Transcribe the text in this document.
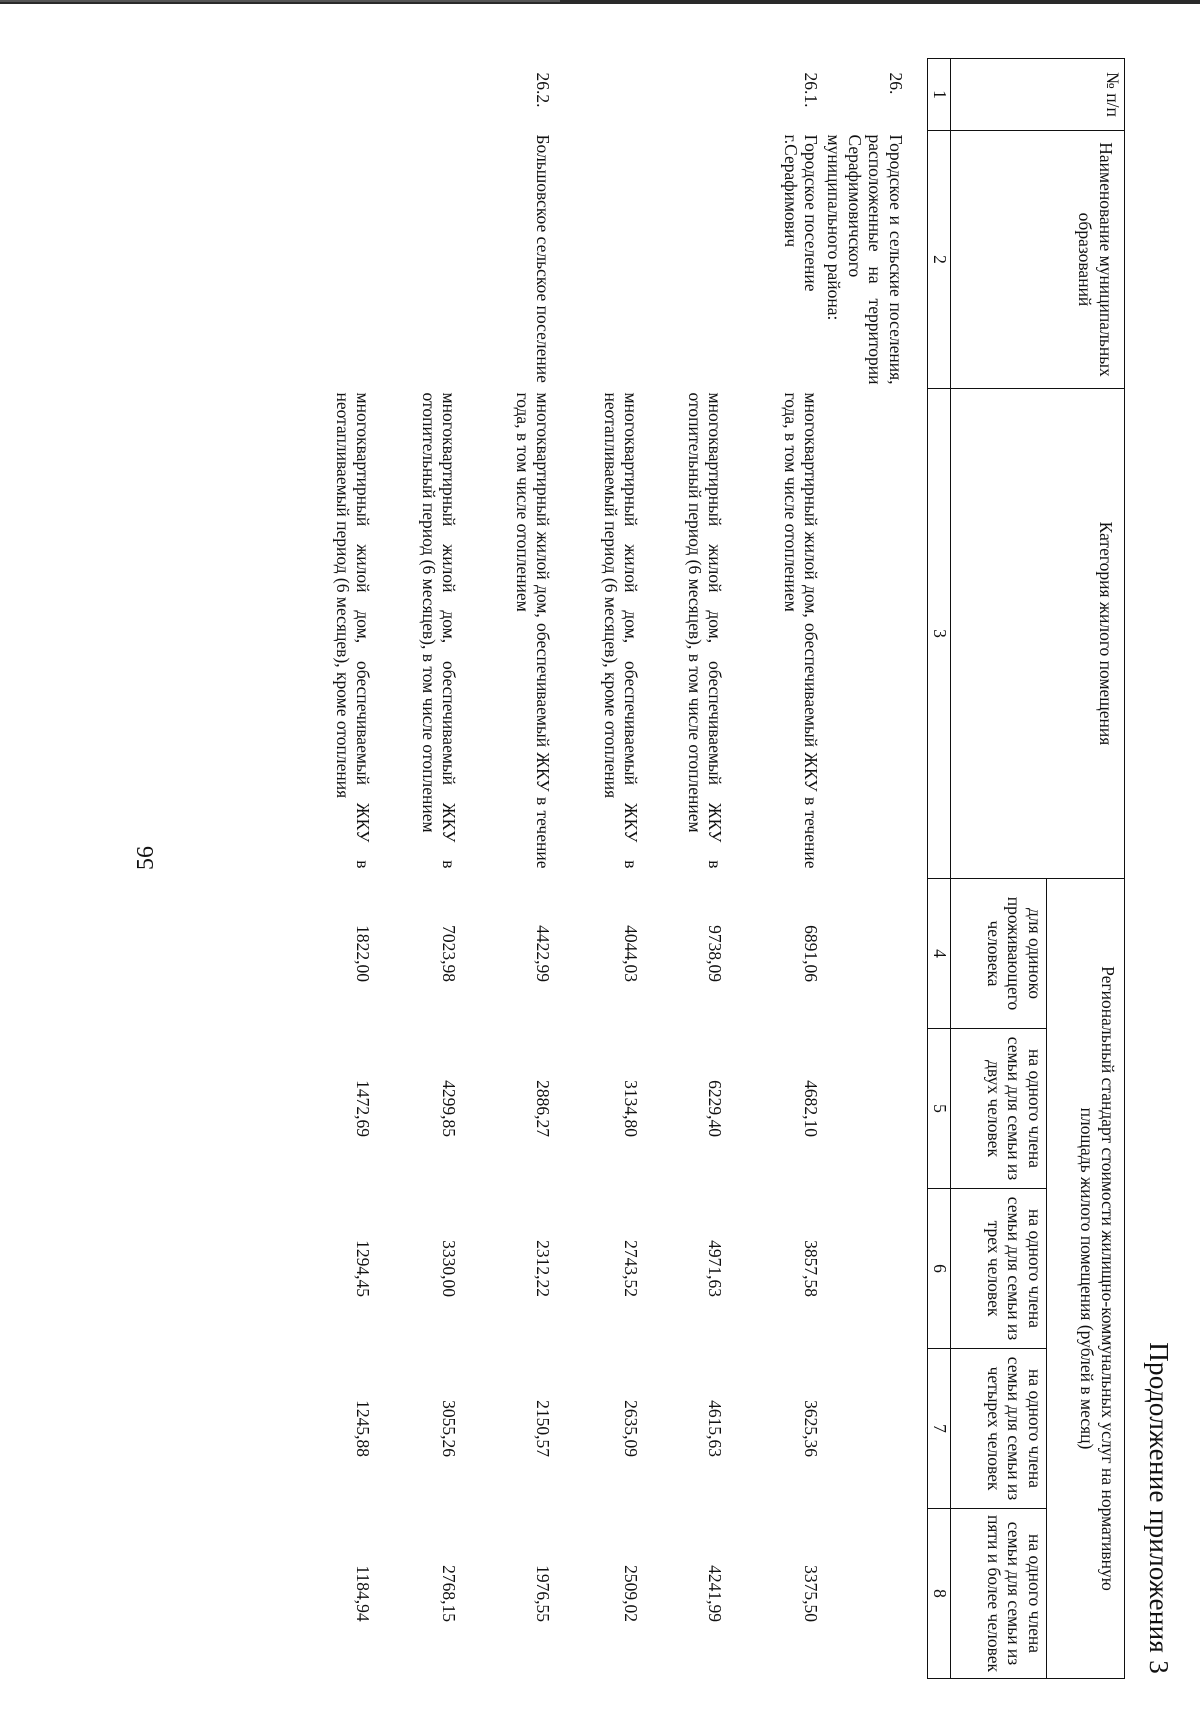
56
Продолжение приложения 3
№ п/п	Наименование муниципальных образований	Категория жилого помещения	Региональный стандарт стоимости жилищно-коммунальных услуг на нормативную площадь жилого помещения (рублей в месяц)				
			для одиноко проживающего человека	на одного члена семьи для семьи из двух человек	на одного члена семьи для семьи из трех человек	на одного члена семьи для семьи из четырех человек	на одного члена семьи для семьи из пяти и более человек
1	2	3	4	5	6	7	8

26.	Городское и сельские поселения, расположенные на территории Серафимовичского муниципального района:						
26.1.	Городское поселение г.Серафимович	многоквартирный жилой дом, обеспечиваемый ЖКУ в течение года, в том числе отоплением	6891,06	4682,10	3857,58	3625,36	3375,50
		многоквартирный жилой дом, обеспечиваемый ЖКУ в отопительный период (6 месяцев), в том числе отоплением	9738,09	6229,40	4971,63	4615,63	4241,99
		многоквартирный жилой дом, обеспечиваемый ЖКУ в неотапливаемый период (6 месяцев), кроме отопления	4044,03	3134,80	2743,52	2635,09	2509,02
26.2.	Большовское сельское поселение	многоквартирный жилой дом, обеспечиваемый ЖКУ в течение года, в том числе отоплением	4422,99	2886,27	2312,22	2150,57	1976,55
		многоквартирный жилой дом, обеспечиваемый ЖКУ в отопительный период (6 месяцев), в том числе отоплением	7023,98	4299,85	3330,00	3055,26	2768,15
		многоквартирный жилой дом, обеспечиваемый ЖКУ в неотапливаемый период (6 месяцев), кроме отопления	1822,00	1472,69	1294,45	1245,88	1184,94
